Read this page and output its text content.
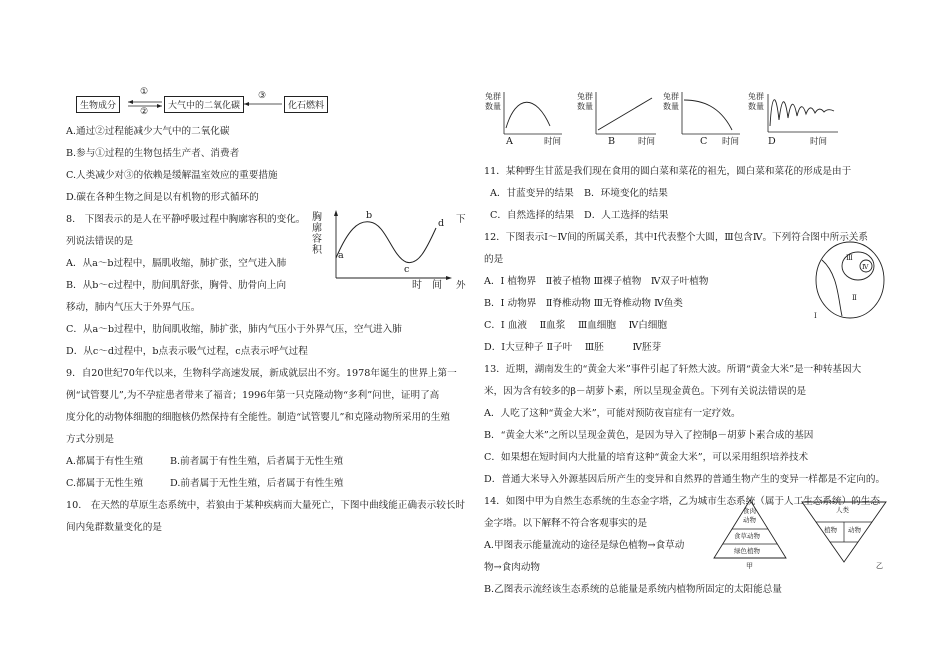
生物成分	大气中的二氧化碳	化石燃料
①
②
③
A.通过②过程能减少大气中的二氧化碳
B.参与①过程的生物包括生产者、消费者
C.人类减少对③的依赖是缓解温室效应的重要措施
D.碳在各种生物之间是以有机物的形式循环的
8.　下图表示的是人在平静呼吸过程中胸廓容积的变化。	下
列说法错误的是
A．从a～b过程中，膈肌收缩，肺扩张，空气进入肺
B．从b～c过程中，肋间肌舒张，胸骨、肋骨向上向	外
移动，肺内气压大于外界气压。
C．从a～b过程中，肋间肌收缩，肺扩张，肺内气压小于外界气压，空气进入肺
D．从c～d过程中，b点表示吸气过程，c点表示呼气过程
胸
廓
容
积 a
b
c
d
时　间
9．自20世纪70年代以来，生物科学高速发展，新成就层出不穷。1978年诞生的世界上第一
例“试管婴儿”,为不孕症患者带来了福音；1996年第一只克隆动物“多利”问世，证明了高
度分化的动物体细胞的细胞核仍然保持有全能性。制造“试管婴儿”和克隆动物所采用的生殖
方式分别是
A.都属于有性生殖	B.前者属于有性生殖，后者属于无性生殖
C.都属于无性生殖	D.前者属于无性生殖，后者属于有性生殖
10.　在天然的草原生态系统中，若狼由于某种疾病而大量死亡，下图中曲线能正确表示较长时
间内兔群数量变化的是
兔 群
数 量
A	时间
兔 群
数 量
B	时间
兔 群
数 量
C 时间
兔 群
数 量
D	时间
11．某种野生甘蓝是我们现在食用的圆白菜和菜花的祖先，圆白菜和菜花的形成是由于
A．甘蓝变异的结果 B．环境变化的结果
C．自然选择的结果 D．人工选择的结果
12．下图表示Ⅰ～Ⅳ间的所属关系，其中Ⅰ代表整个大圆，Ⅲ包含Ⅳ。下列符合图中所示关系
的是
A．Ⅰ 植物界　Ⅱ被子植物 Ⅲ裸子植物　Ⅳ双子叶植物
B．Ⅰ 动物界　Ⅱ脊椎动物 Ⅲ无脊椎动物 Ⅳ鱼类
C．Ⅰ 血液　 Ⅱ血浆　 Ⅲ血细胞　 Ⅳ白细胞
D．Ⅰ大豆种子 Ⅱ子叶　 Ⅲ胚　　　Ⅳ胚芽
Ⅲ
Ⅳ
Ⅱ
Ⅰ
13．近期，湖南发生的“黄金大米”事件引起了轩然大波。所谓“黄金大米”是一种转基因大
米，因为含有较多的β－胡萝卜素，所以呈现金黄色。下列有关说法错误的是
A．人吃了这种“黄金大米”，可能对预防夜盲症有一定疗效。
B．“黄金大米”之所以呈现金黄色，是因为导入了控制β－胡萝卜素合成的基因
C．如果想在短时间内大批量的培育这种“黄金大米”，可以采用组织培养技术
D．普通大米导入外源基因后所产生的变异和自然界的普通生物产生的变异一样都是不定向的。
14．如图中甲为自然生态系统的生态金字塔，乙为城市生态系统（属于人工生态系统）的生态
金字塔。以下解释不符合客观事实的是
A.甲图表示能量流动的途径是绿色植物→食草动
物→食肉动物
B.乙图表示流经该生态系统的总能量是系统内植物所固定的太阳能总量
食肉
动物
食草动物
绿色植物
甲
人类
动物
植物
乙
